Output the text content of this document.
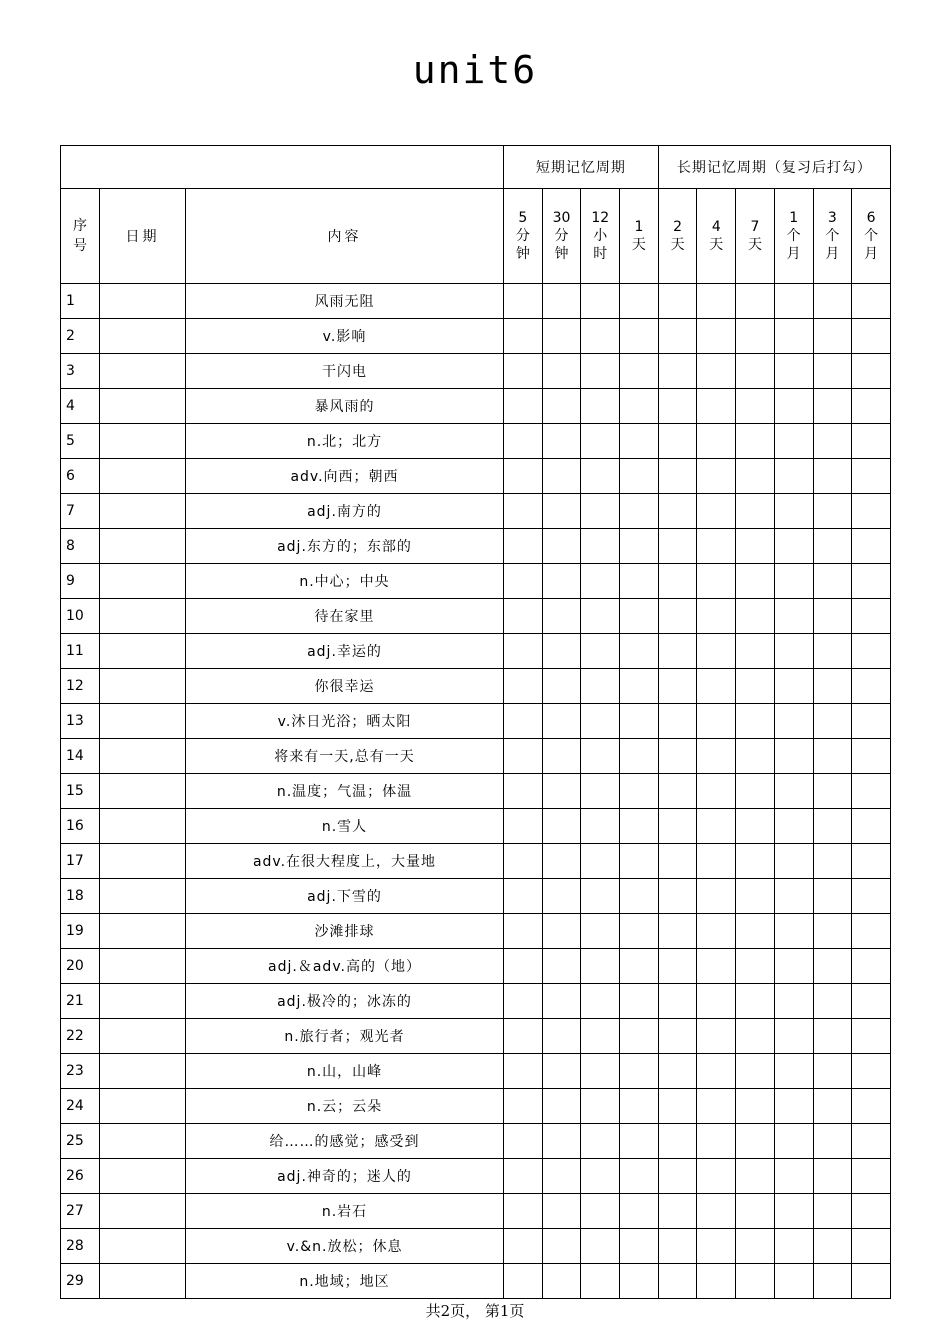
unit6
			短期记忆周期				长期记忆周期（复习后打勾）					

序
号	日期	内容	5
分
钟	30
分
钟	12
小
时	1
天	2
天	4
天	7
天	1
个
月	3
个
月	6
个
月

1		风雨无阻										
2		v.影响										
3		干闪电										
4		暴风雨的										
5		n.北；北方										
6		adv.向西；朝西										
7		adj.南方的										
8		adj.东方的；东部的										
9		n.中心；中央										
10		待在家里										
11		adj.幸运的										
12		你很幸运										
13		v.沐日光浴；晒太阳										
14		将来有一天,总有一天										
15		n.温度；气温；体温										
16		n.雪人										
17		adv.在很大程度上，大量地										
18		adj.下雪的										
19		沙滩排球										
20		adj.＆adv.高的（地）										
21		adj.极冷的；冰冻的										
22		n.旅行者；观光者										
23		n.山，山峰										
24		n.云；云朵										
25		给……的感觉；感受到										
26		adj.神奇的；迷人的										
27		n.岩石										
28		v.&n.放松；休息										
29		n.地域；地区										
共2页， 第1页
